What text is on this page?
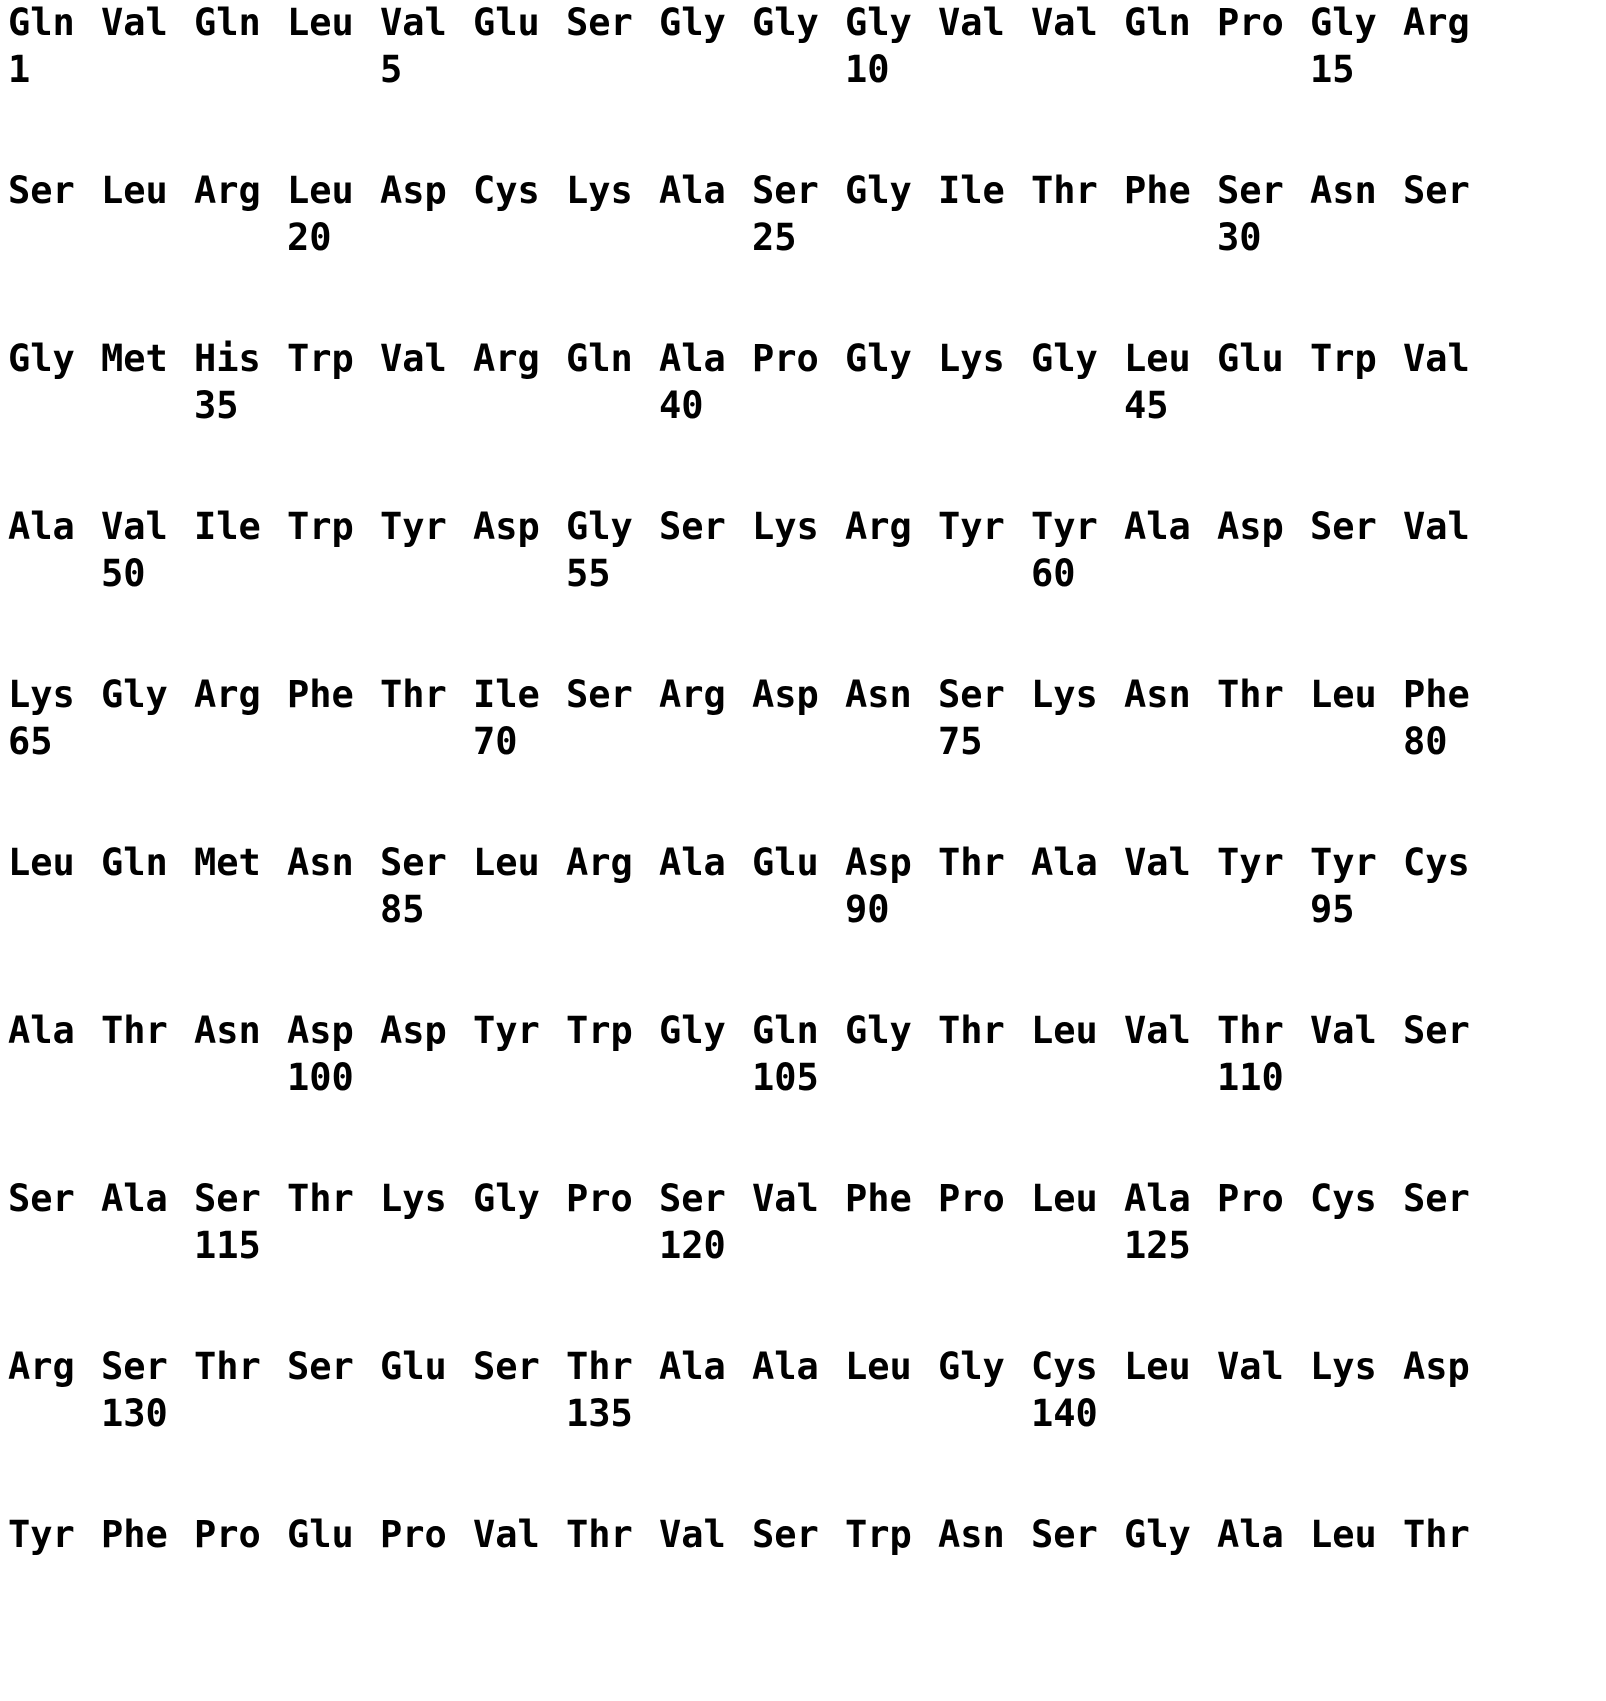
Gln Val Gln Leu Val Glu Ser Gly Gly Gly Val Val Gln Pro Gly Arg
1	5	10	15
Ser Leu Arg Leu Asp Cys Lys Ala Ser Gly Ile Thr Phe Ser Asn Ser
20	25	30
Gly Met His Trp Val Arg Gln Ala Pro Gly Lys Gly Leu Glu Trp Val
35	40	45
Ala Val Ile Trp Tyr Asp Gly Ser Lys Arg Tyr Tyr Ala Asp Ser Val
50	55	60
Lys Gly Arg Phe Thr Ile Ser Arg Asp Asn Ser Lys Asn Thr Leu Phe
65	70	75	80
Leu Gln Met Asn Ser Leu Arg Ala Glu Asp Thr Ala Val Tyr Tyr Cys
85	90	95
Ala Thr Asn Asp Asp Tyr Trp Gly Gln Gly Thr Leu Val Thr Val Ser
100	105	110
Ser Ala Ser Thr Lys Gly Pro Ser Val Phe Pro Leu Ala Pro Cys Ser
115	120	125
Arg Ser Thr Ser Glu Ser Thr Ala Ala Leu Gly Cys Leu Val Lys Asp
130	135	140
Tyr Phe Pro Glu Pro Val Thr Val Ser Trp Asn Ser Gly Ala Leu Thr
